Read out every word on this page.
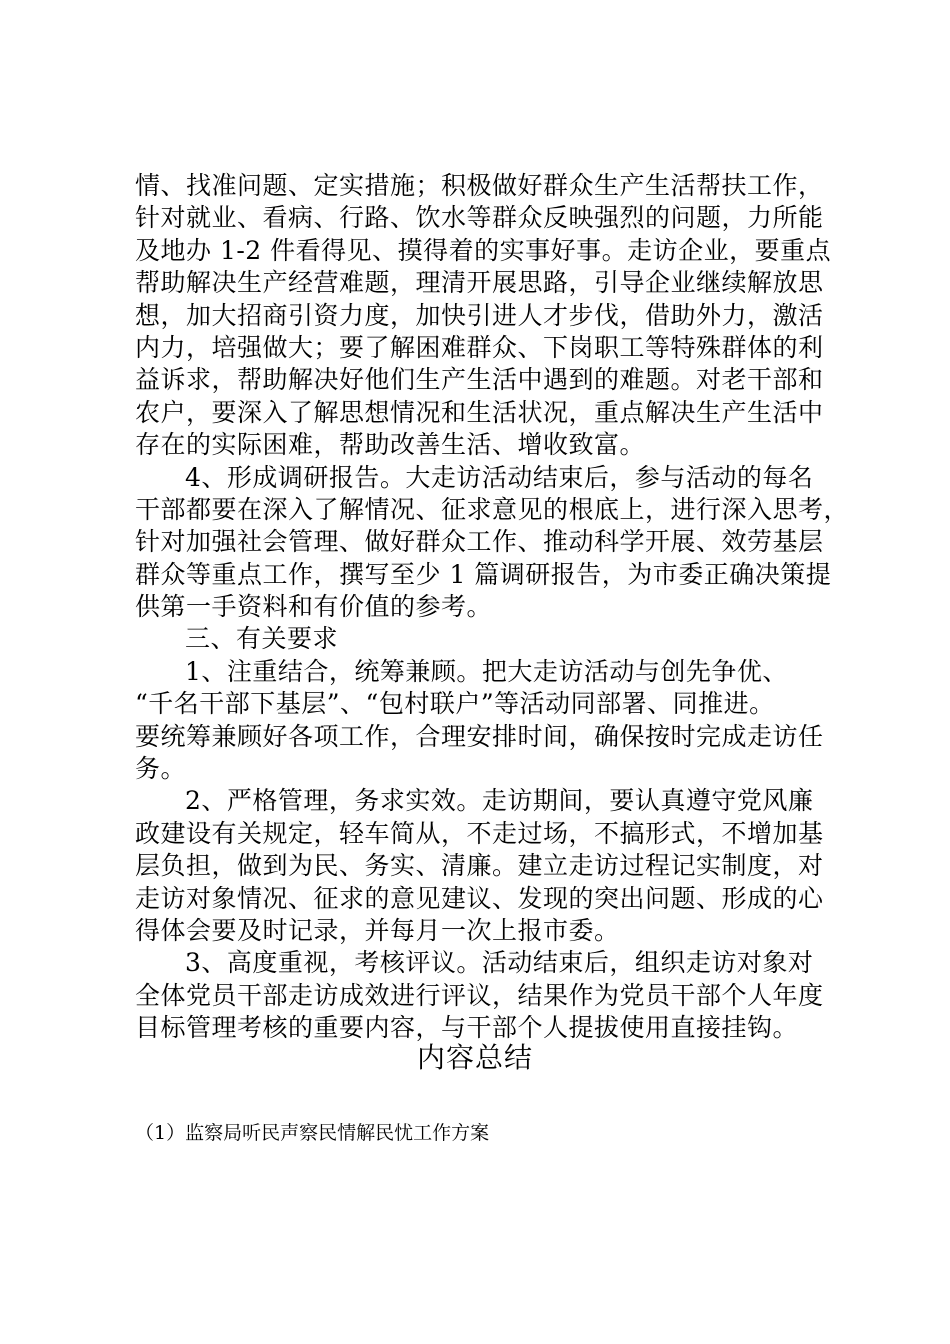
情、找准问题、定实措施；积极做好群众生产生活帮扶工作，
针对就业、看病、行路、饮水等群众反映强烈的问题，力所能
及地办 1-2 件看得见、摸得着的实事好事。走访企业，要重点
帮助解决生产经营难题，理清开展思路，引导企业继续解放思
想，加大招商引资力度，加快引进人才步伐，借助外力，激活
内力，培强做大；要了解困难群众、下岗职工等特殊群体的利
益诉求，帮助解决好他们生产生活中遇到的难题。对老干部和
农户，要深入了解思想情况和生活状况，重点解决生产生活中
存在的实际困难，帮助改善生活、增收致富。
4、形成调研报告。大走访活动结束后，参与活动的每名
干部都要在深入了解情况、征求意见的根底上，进行深入思考，
针对加强社会管理、做好群众工作、推动科学开展、效劳基层
群众等重点工作，撰写至少 1 篇调研报告，为市委正确决策提
供第一手资料和有价值的参考。
三、有关要求
1、注重结合，统筹兼顾。把大走访活动与创先争优、
“千名干部下基层”、“包村联户”等活动同部署、同推进。
要统筹兼顾好各项工作，合理安排时间，确保按时完成走访任
务。
2、严格管理，务求实效。走访期间，要认真遵守党风廉
政建设有关规定，轻车简从，不走过场，不搞形式，不增加基
层负担，做到为民、务实、清廉。建立走访过程记实制度，对
走访对象情况、征求的意见建议、发现的突出问题、形成的心
得体会要及时记录，并每月一次上报市委。
3、高度重视，考核评议。活动结束后，组织走访对象对
全体党员干部走访成效进行评议，结果作为党员干部个人年度
目标管理考核的重要内容，与干部个人提拔使用直接挂钩。
内容总结
（1）监察局听民声察民情解民忧工作方案
